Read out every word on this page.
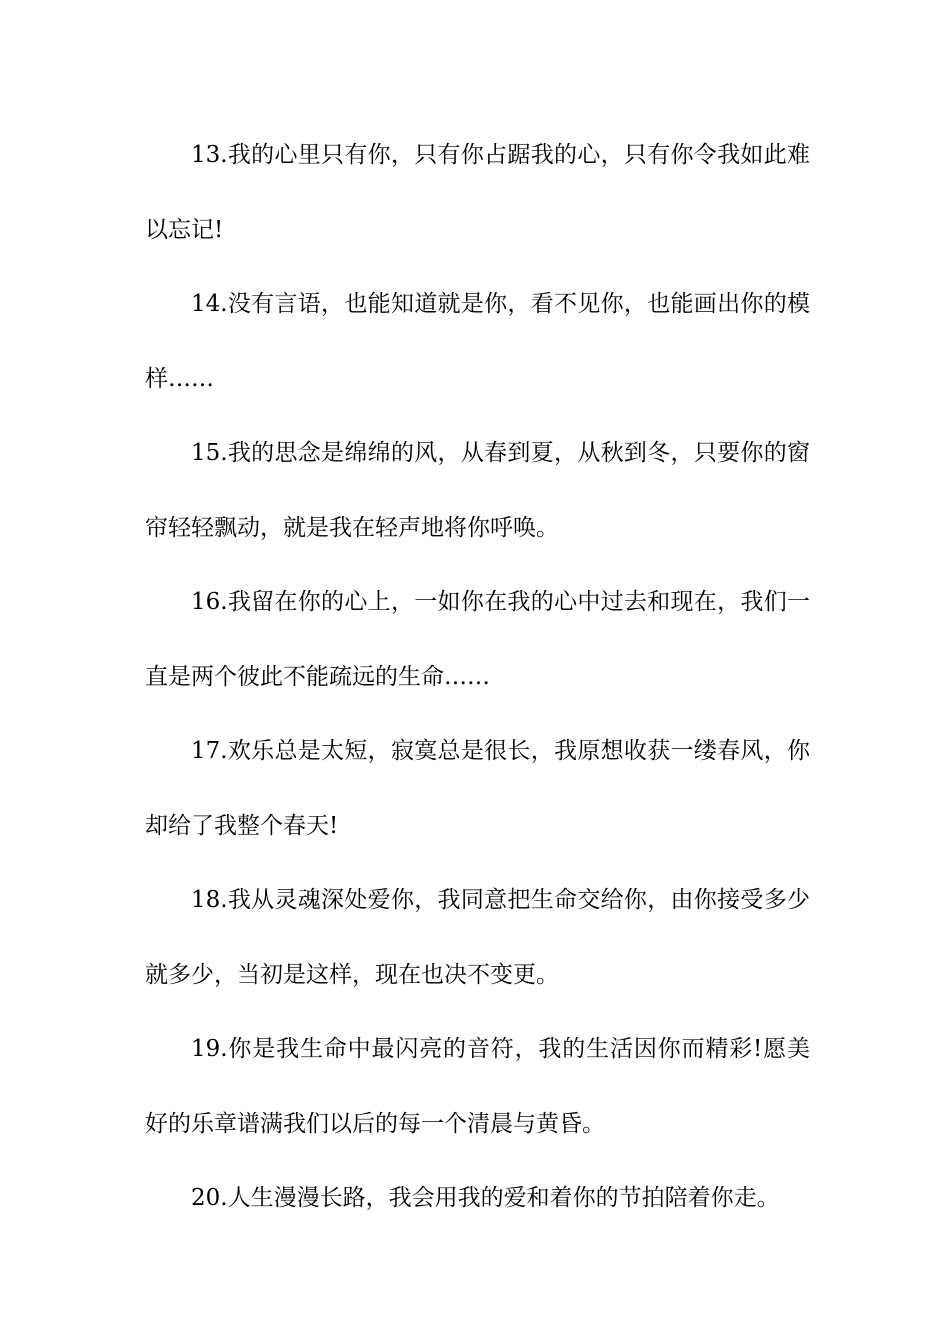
13.我的心里只有你，只有你占踞我的心，只有你令我如此难以忘记!

14.没有言语，也能知道就是你，看不见你，也能画出你的模样……

15.我的思念是绵绵的风，从春到夏，从秋到冬，只要你的窗帘轻轻飘动，就是我在轻声地将你呼唤。

16.我留在你的心上，一如你在我的心中过去和现在，我们一直是两个彼此不能疏远的生命……

17.欢乐总是太短，寂寞总是很长，我原想收获一缕春风，你却给了我整个春天!

18.我从灵魂深处爱你，我同意把生命交给你，由你接受多少就多少，当初是这样，现在也决不变更。

19.你是我生命中最闪亮的音符，我的生活因你而精彩!愿美好的乐章谱满我们以后的每一个清晨与黄昏。

20.人生漫漫长路，我会用我的爱和着你的节拍陪着你走。
